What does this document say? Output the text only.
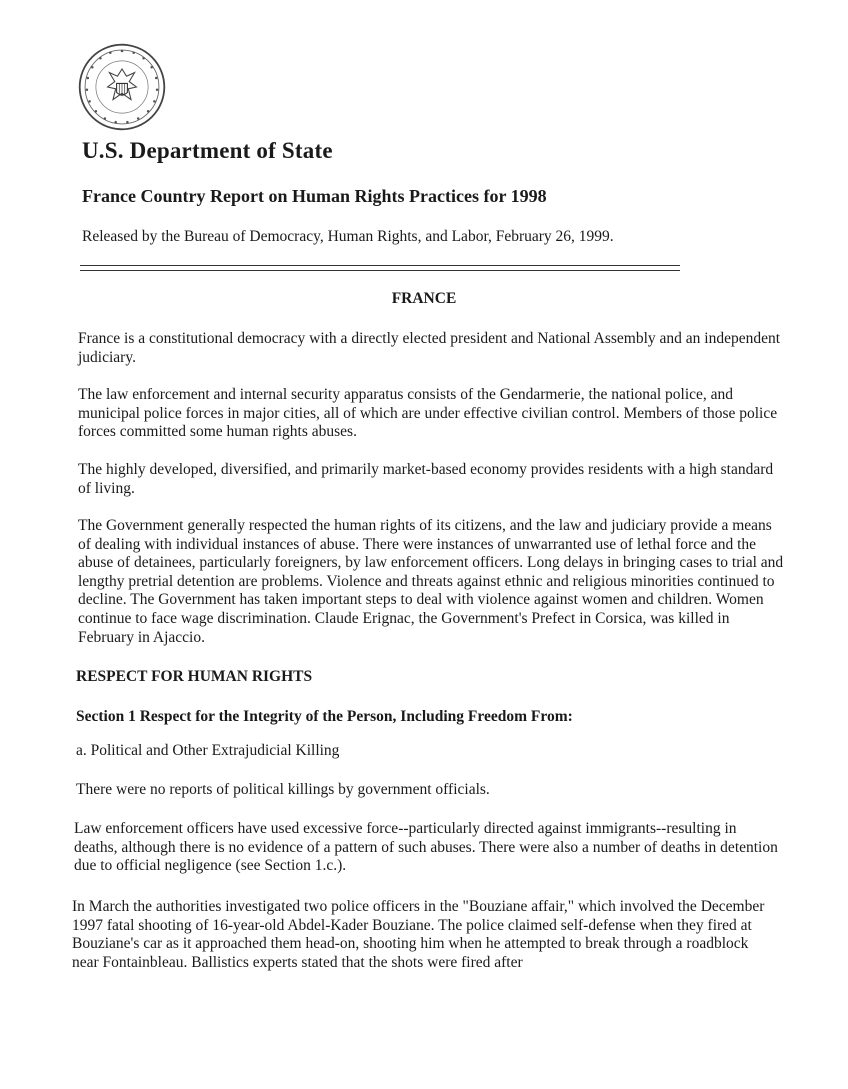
U.S. Department of State
France Country Report on Human Rights Practices for 1998

Released by the Bureau of Democracy, Human Rights, and Labor, February 26, 1999.

FRANCE

France is a constitutional democracy with a directly elected president and National Assembly and an independent judiciary.

The law enforcement and internal security apparatus consists of the Gendarmerie, the national police, and municipal police forces in major cities, all of which are under effective civilian control. Members of those police forces committed some human rights abuses.

The highly developed, diversified, and primarily market-based economy provides residents with a high standard of living.

The Government generally respected the human rights of its citizens, and the law and judiciary provide a means of dealing with individual instances of abuse. There were instances of unwarranted use of lethal force and the abuse of detainees, particularly foreigners, by law enforcement officers. Long delays in bringing cases to trial and lengthy pretrial detention are problems. Violence and threats against ethnic and religious minorities continued to decline. The Government has taken important steps to deal with violence against women and children. Women continue to face wage discrimination. Claude Erignac, the Government's Prefect in Corsica, was killed in February in Ajaccio.

RESPECT FOR HUMAN RIGHTS
Section 1 Respect for the Integrity of the Person, Including Freedom From:

a. Political and Other Extrajudicial Killing

There were no reports of political killings by government officials.

Law enforcement officers have used excessive force--particularly directed against immigrants--resulting in deaths, although there is no evidence of a pattern of such abuses. There were also a number of deaths in detention due to official negligence (see Section 1.c.).

In March the authorities investigated two police officers in the "Bouziane affair," which involved the December 1997 fatal shooting of 16-year-old Abdel-Kader Bouziane. The police claimed self-defense when they fired at Bouziane's car as it approached them head-on, shooting him when he attempted to break through a roadblock near Fontainbleau. Ballistics experts stated that the shots were fired after
